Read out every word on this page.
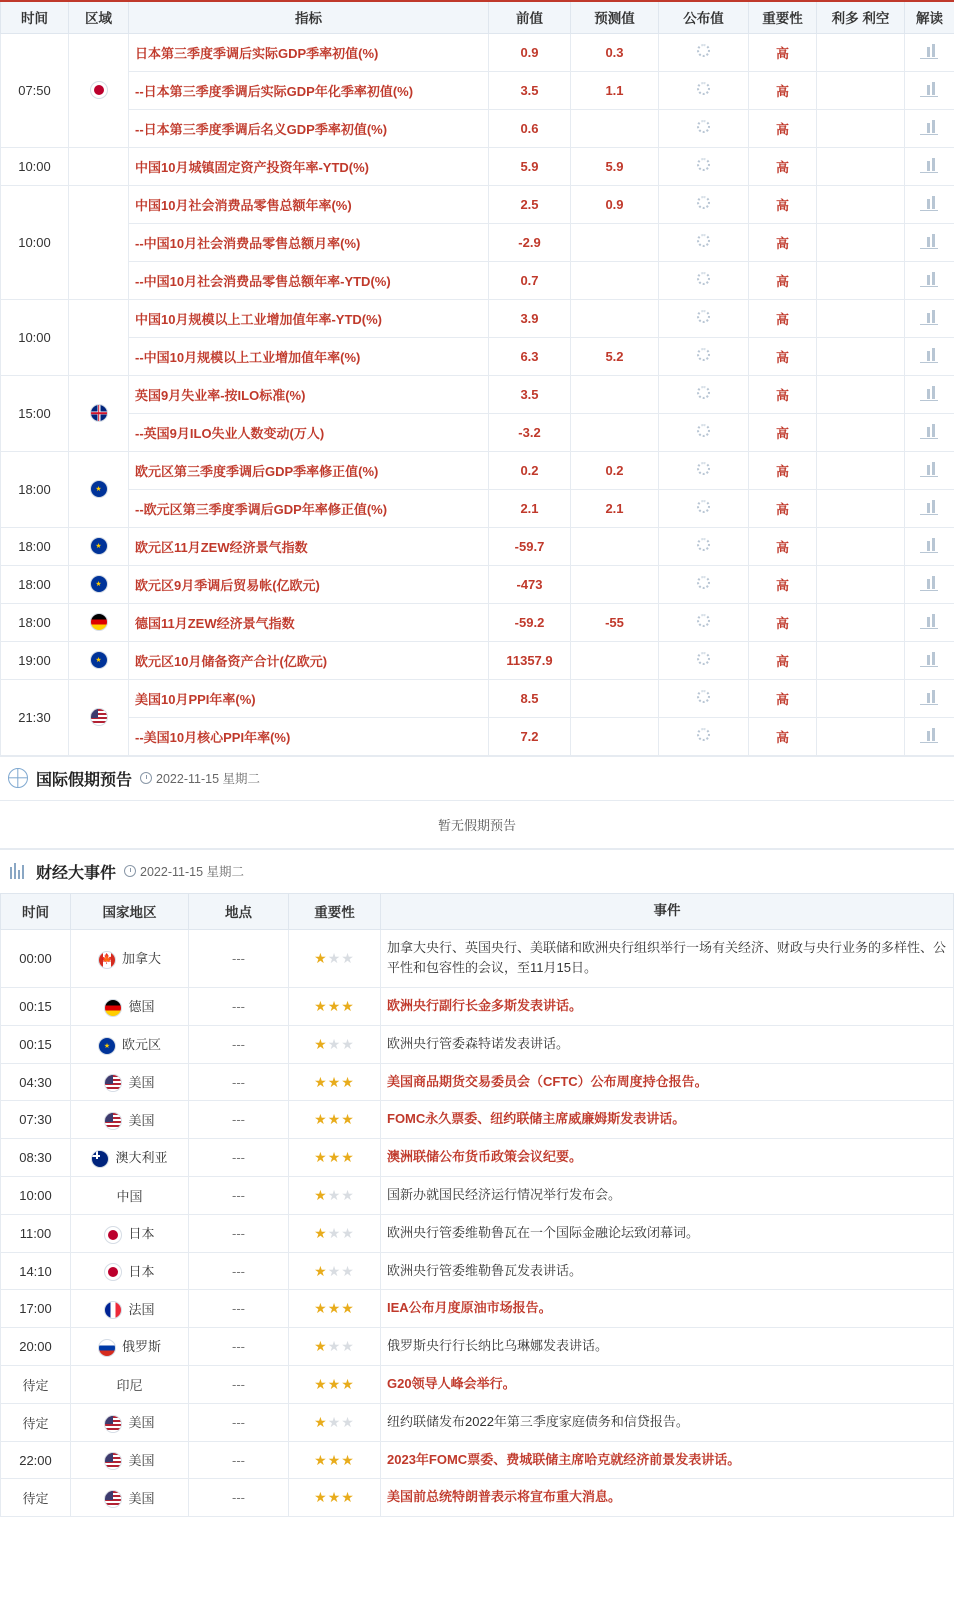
时间	区域	指标	前值	预测值	公布值	重要性	利多 利空	解读
07:50		日本第三季度季调后实际GDP季率初值(%)	0.9	0.3		高		

		--日本第三季度季调后实际GDP年化季率初值(%)	3.5	1.1		高		

		--日本第三季度季调后名义GDP季率初值(%)	0.6			高		

10:00		中国10月城镇固定资产投资年率-YTD(%)	5.9	5.9		高		

10:00		中国10月社会消费品零售总额年率(%)	2.5	0.9		高		

		--中国10月社会消费品零售总额月率(%)	-2.9			高		

		--中国10月社会消费品零售总额年率-YTD(%)	0.7			高		

10:00		中国10月规模以上工业增加值年率-YTD(%)	3.9			高		

		--中国10月规模以上工业增加值年率(%)	6.3	5.2		高		

15:00		英国9月失业率-按ILO标准(%)	3.5			高		

		--英国9月ILO失业人数变动(万人)	-3.2			高		

18:00	★	欧元区第三季度季调后GDP季率修正值(%)	0.2	0.2		高		

		--欧元区第三季度季调后GDP年率修正值(%)	2.1	2.1		高		

18:00	★	欧元区11月ZEW经济景气指数	-59.7			高		

18:00	★	欧元区9月季调后贸易帐(亿欧元)	-473			高		

18:00		德国11月ZEW经济景气指数	-59.2	-55		高		

19:00	★	欧元区10月储备资产合计(亿欧元)	11357.9			高		

21:30		美国10月PPI年率(%)	8.5			高		

		--美国10月核心PPI年率(%)	7.2			高		
国际假期预告 2022-11-15 星期二
暂无假期预告
财经大事件 2022-11-15 星期二
时间	国家地区	地点	重要性	事件
00:00	🍁 加拿大	---	★★★	加拿大央行、英国央行、美联储和欧洲央行组织举行一场有关经济、财政与央行业务的多样性、公平性和包容性的会议，至11月15日。
00:15	德国	---	★★★	欧洲央行副行长金多斯发表讲话。
00:15	★欧元区	---	★★★	欧洲央行管委森特诺发表讲话。
04:30	美国	---	★★★	美国商品期货交易委员会（CFTC）公布周度持仓报告。
07:30	美国	---	★★★	FOMC永久票委、纽约联储主席威廉姆斯发表讲话。
08:30	澳大利亚	---	★★★	澳洲联储公布货币政策会议纪要。
10:00	中国	---	★★★	国新办就国民经济运行情况举行发布会。
11:00	日本	---	★★★	欧洲央行管委维勒鲁瓦在一个国际金融论坛致闭幕词。
14:10	日本	---	★★★	欧洲央行管委维勒鲁瓦发表讲话。
17:00	法国	---	★★★	IEA公布月度原油市场报告。
20:00	俄罗斯	---	★★★	俄罗斯央行行长纳比乌琳娜发表讲话。
待定	印尼	---	★★★	G20领导人峰会举行。
待定	美国	---	★★★	纽约联储发布2022年第三季度家庭债务和信贷报告。
22:00	美国	---	★★★	2023年FOMC票委、费城联储主席哈克就经济前景发表讲话。
待定	美国	---	★★★	美国前总统特朗普表示将宣布重大消息。
